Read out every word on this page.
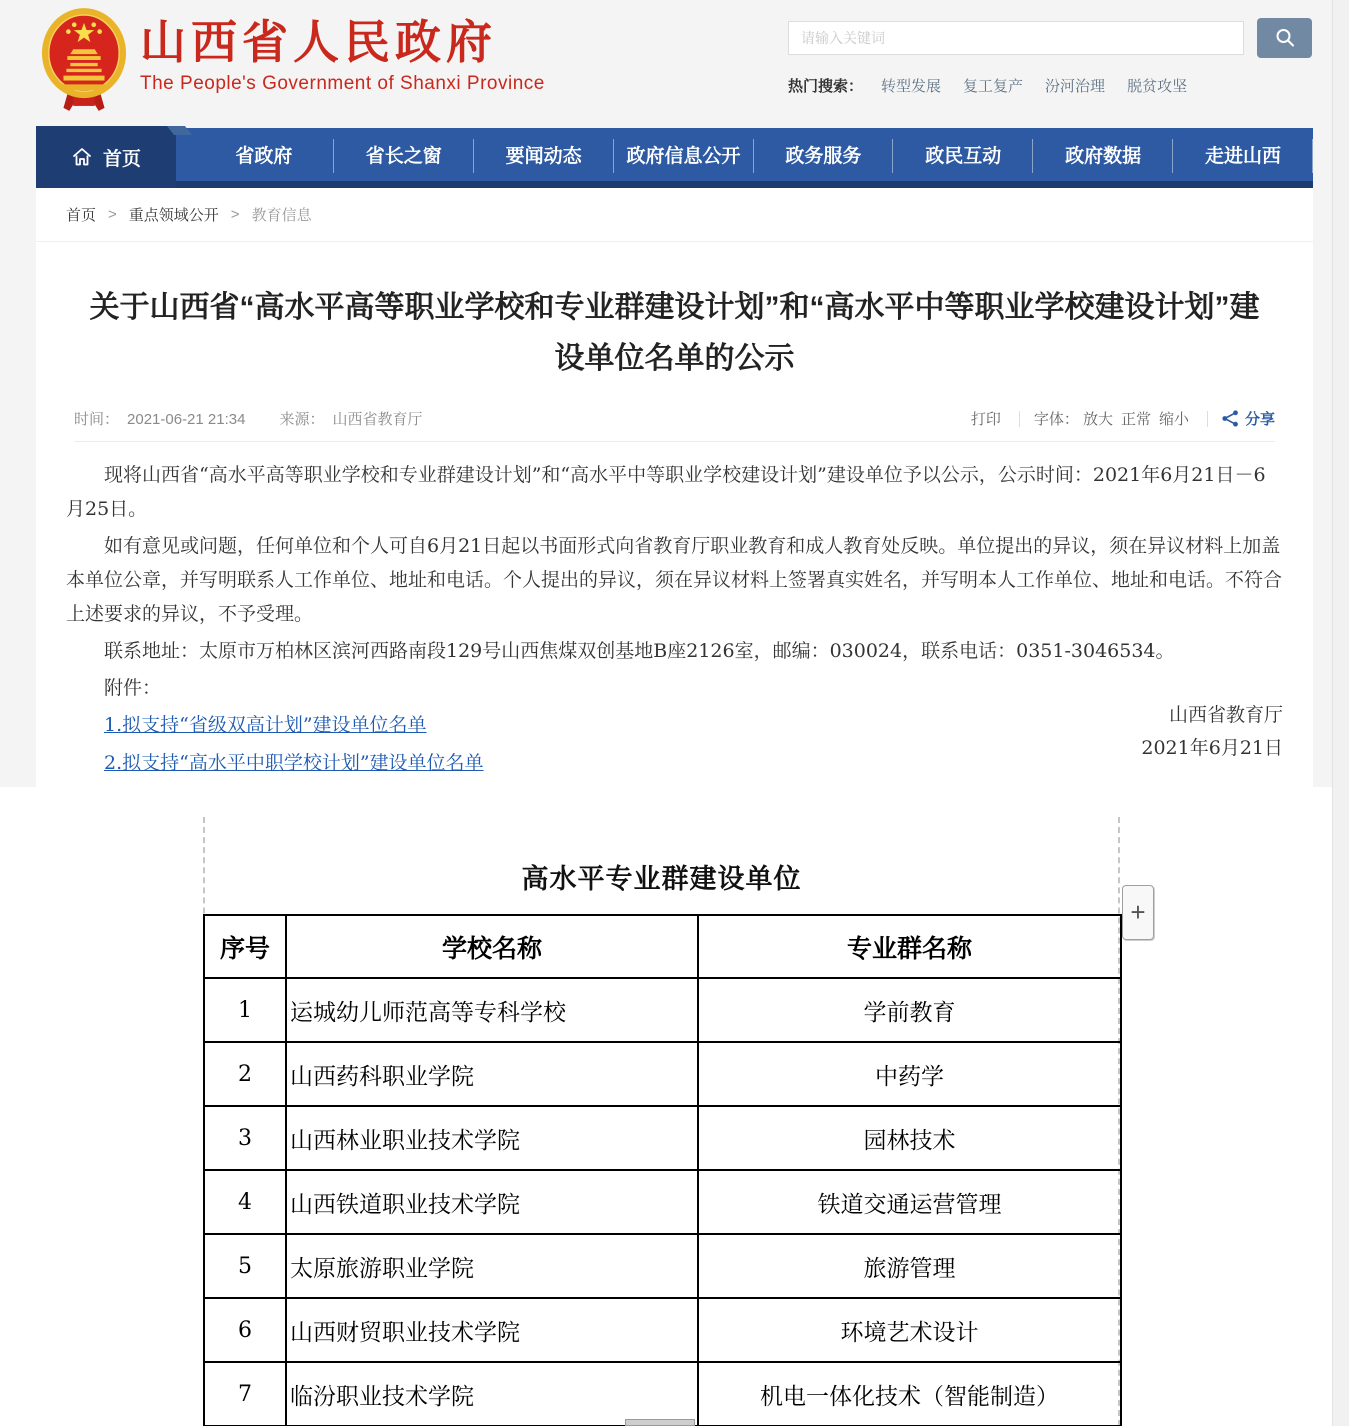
山西省人民政府
The People's Government of Shanxi Province
请输入关键词	热门搜索： 转型发展 复工复产 汾河治理 脱贫攻坚
首页	省政府	省长之窗	要闻动态 政府信息公开 政务服务	政民互动	政府数据	走进山西
首页 > 重点领域公开 > 教育信息
关于山西省“高水平高等职业学校和专业群建设计划”和“高水平中等职业学校建设计划”建设单位名单的公示
时间： 2021-06-21 21:34 来源： 山西省教育厅	打印 字体： 放大 正常 缩小	分享

现将山西省“高水平高等职业学校和专业群建设计划”和“高水平中等职业学校建设计划”建设单位予以公示，公示时间：2021年6月21日－6月25日。

如有意见或问题，任何单位和个人可自6月21日起以书面形式向省教育厅职业教育和成人教育处反映。单位提出的异议，须在异议材料上加盖本单位公章，并写明联系人工作单位、地址和电话。个人提出的异议，须在异议材料上签署真实姓名，并写明本人工作单位、地址和电话。不符合上述要求的异议，不予受理。

联系地址：太原市万柏林区滨河西路南段129号山西焦煤双创基地B座2126室，邮编：030024，联系电话：0351-3046534。

附件：

1.拟支持“省级双高计划”建设单位名单
2.拟支持“高水平中职学校计划”建设单位名单
山西省教育厅
2021年6月21日
高水平专业群建设单位
序号	学校名称	专业群名称
1	运城幼儿师范高等专科学校	学前教育
2	山西药科职业学院	中药学
3	山西林业职业技术学院	园林技术
4	山西铁道职业技术学院	铁道交通运营管理
5	太原旅游职业学院	旅游管理
6	山西财贸职业技术学院	环境艺术设计
7	临汾职业技术学院	机电一体化技术（智能制造）
+
